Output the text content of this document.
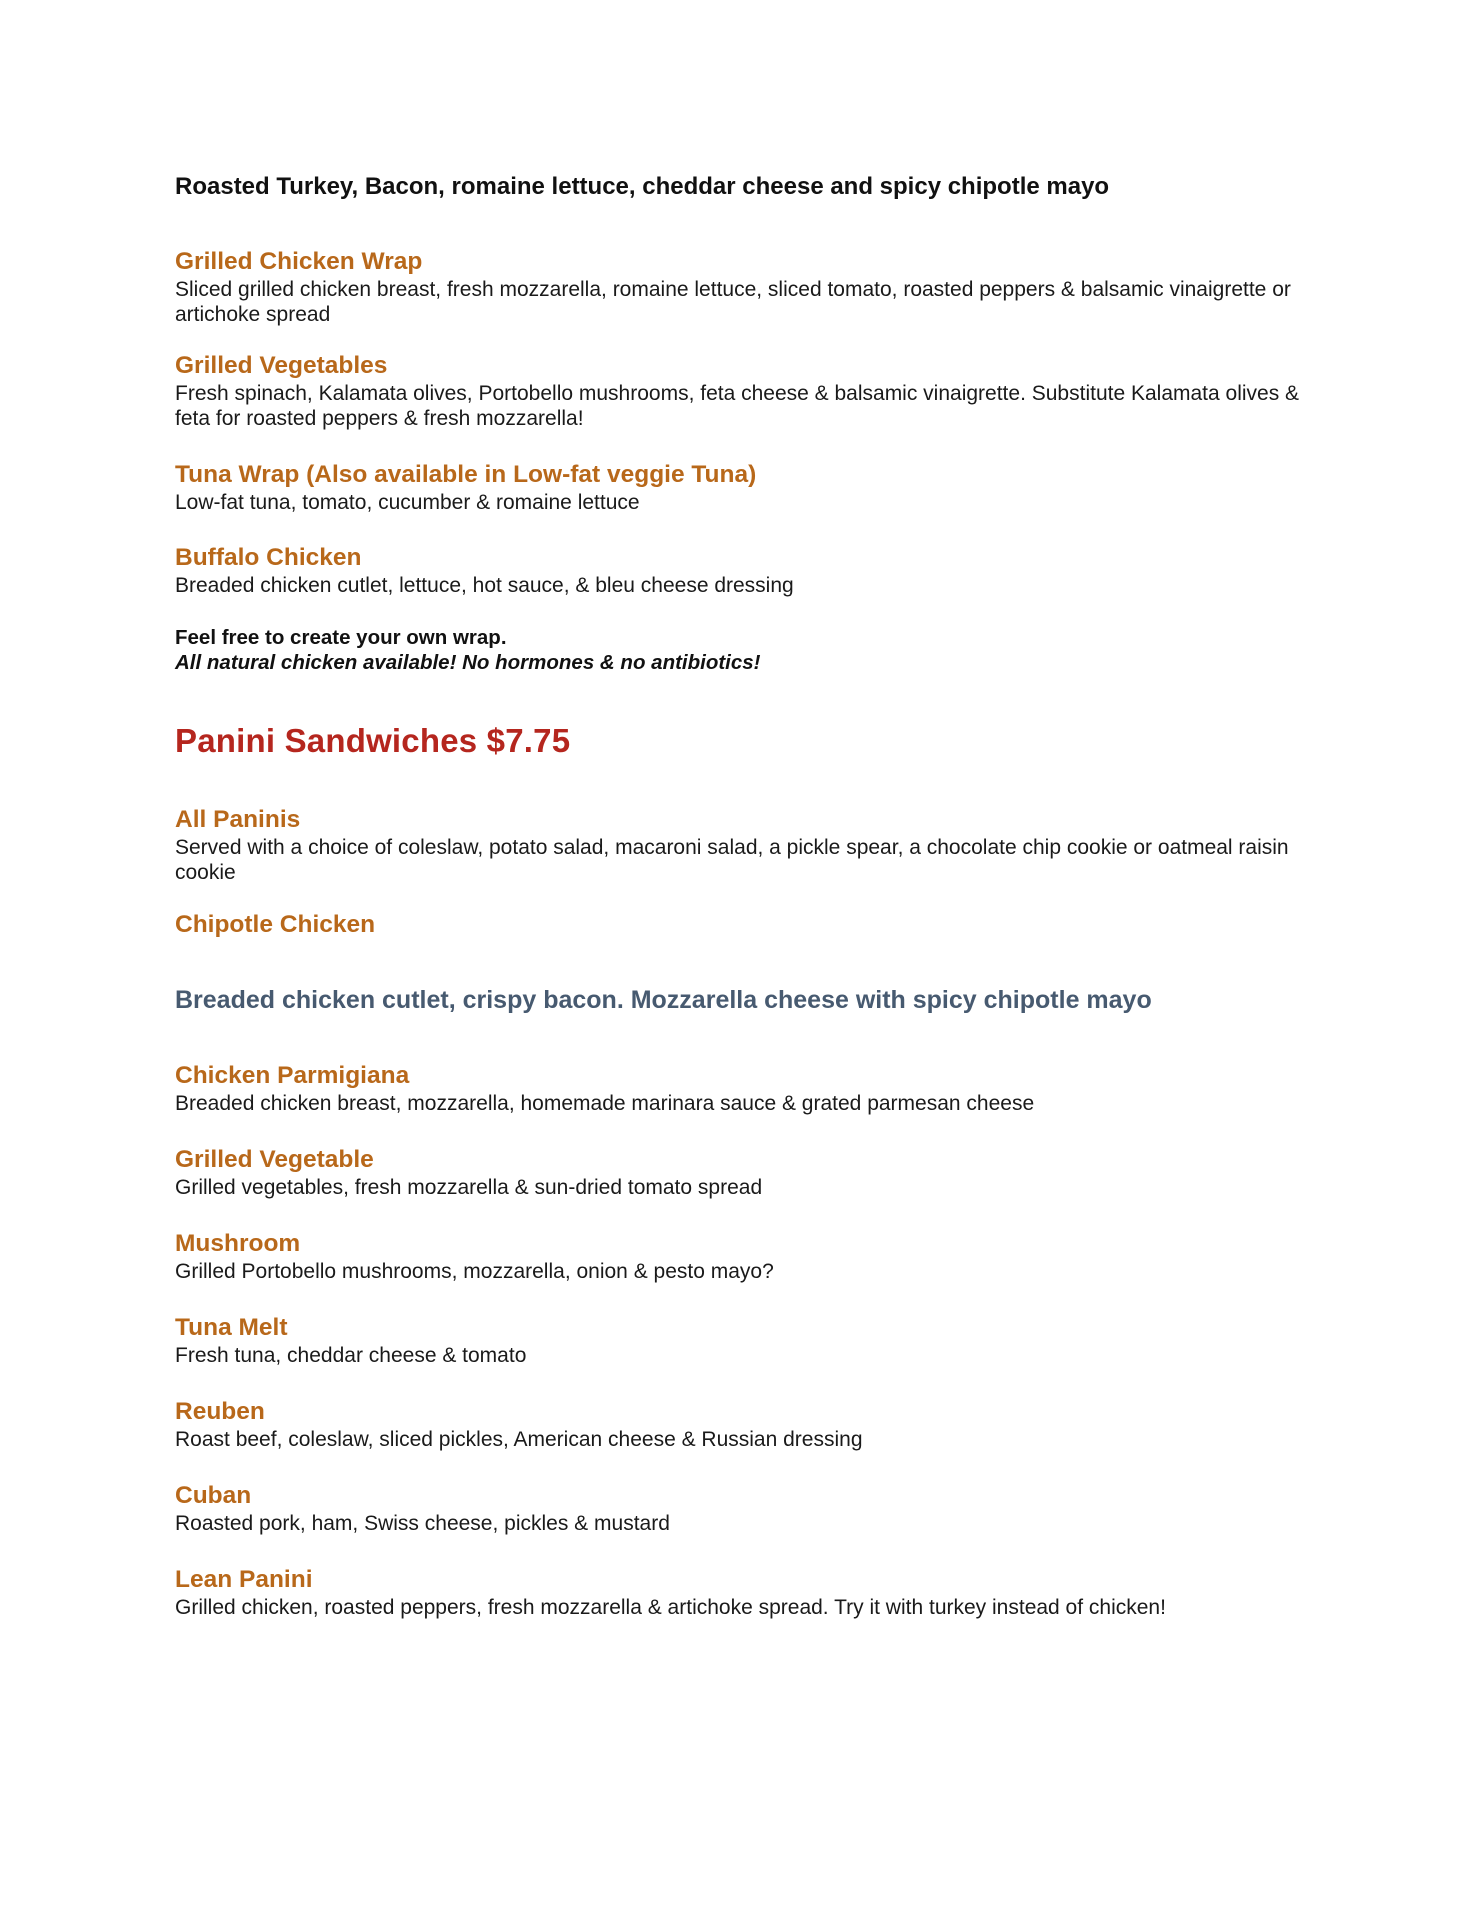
Roasted Turkey, Bacon, romaine lettuce, cheddar cheese and spicy chipotle mayo
Grilled Chicken Wrap
Sliced grilled chicken breast, fresh mozzarella, romaine lettuce, sliced tomato, roasted peppers & balsamic vinaigrette or artichoke spread
Grilled Vegetables
Fresh spinach, Kalamata olives, Portobello mushrooms, feta cheese & balsamic vinaigrette. Substitute Kalamata olives & feta for roasted peppers & fresh mozzarella!
Tuna Wrap (Also available in Low-fat veggie Tuna)
Low-fat tuna, tomato, cucumber & romaine lettuce
Buffalo Chicken
Breaded chicken cutlet, lettuce, hot sauce, & bleu cheese dressing
Feel free to create your own wrap.
All natural chicken available! No hormones & no antibiotics!
Panini Sandwiches $7.75
All Paninis
Served with a choice of coleslaw, potato salad, macaroni salad, a pickle spear, a chocolate chip cookie or oatmeal raisin cookie
Chipotle Chicken
Breaded chicken cutlet, crispy bacon. Mozzarella cheese with spicy chipotle mayo
Chicken Parmigiana
Breaded chicken breast, mozzarella, homemade marinara sauce & grated parmesan cheese
Grilled Vegetable
Grilled vegetables, fresh mozzarella & sun-dried tomato spread
Mushroom
Grilled Portobello mushrooms, mozzarella, onion & pesto mayo?
Tuna Melt
Fresh tuna, cheddar cheese & tomato
Reuben
Roast beef, coleslaw, sliced pickles, American cheese & Russian dressing
Cuban
Roasted pork, ham, Swiss cheese, pickles & mustard
Lean Panini
Grilled chicken, roasted peppers, fresh mozzarella & artichoke spread. Try it with turkey instead of chicken!
